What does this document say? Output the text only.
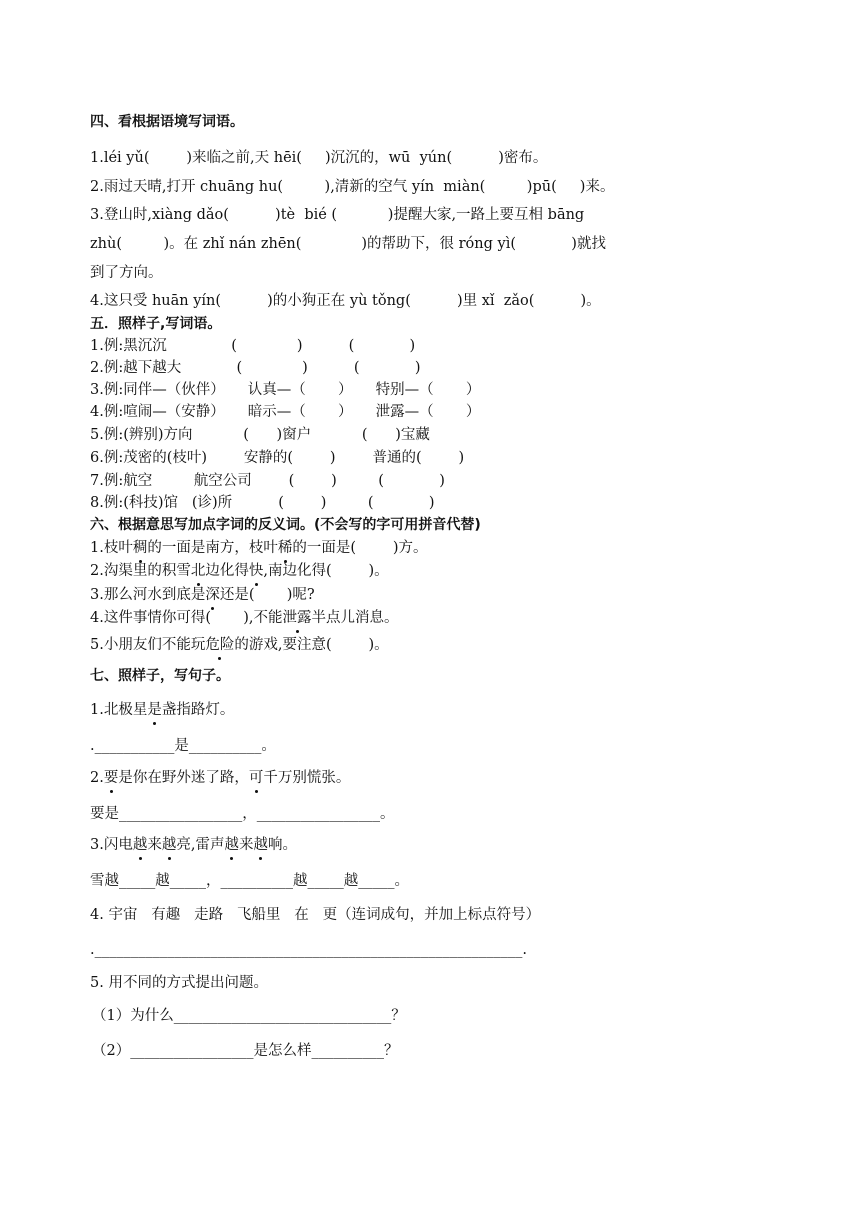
四、看根据语境写词语。
1.léi yǔ(        )来临之前,天 hēi(     )沉沉的，wū  yún(          )密布。
2.雨过天晴,打开 chuāng hu(         ),清新的空气 yín  miàn(         )pū(     )来。
3.登山时,xiàng dǎo(          )tè  bié (           )提醒大家,一路上要互相 bāng
zhù(         )。在 zhǐ nán zhēn(             )的帮助下，很 róng yì(            )就找
到了方向。
4.这只受 huān yín(          )的小狗正在 yù tǒng(          )里 xǐ  zǎo(          )。
五．照样子,写词语。
1.例:黑沉沉              (             )          (            )
2.例:越下越大            (             )          (            )
3.例:同伴—（伙伴）     认真—（       ）     特别—（       ）
4.例:喧闹—（安静）     暗示—（       ）     泄露—（       ）
5.例:(辨别)方向           (      )窗户           (      )宝藏
6.例:茂密的(枝叶)        安静的(        )        普通的(        )
7.例:航空         航空公司        (        )         (            )
8.例:(科技)馆   (诊)所          (        )         (            )
六、根据意思写加点字词的反义词。(不会写的字可用拼音代替)
1.枝叶稠的一面是南方，枝叶稀的一面是(        )方。
2.沟渠里的积雪北边化得快,南边化得(        )。
3.那么河水到底是深还是(       )呢?
4.这件事情你可得(       ),不能泄露半点儿消息。
5.小朋友们不能玩危险的游戏,要注意(        )。
七、照样子，写句子。
1.北极星是盏指路灯。
.___________是__________。
2.要是你在野外迷了路，可千万别慌张。
要是_________________，_________________。
3.闪电越来越亮,雷声越来越响。
雪越_____越_____，__________越_____越_____。
4. 宇宙   有趣   走路   飞船里   在   更（连词成句，并加上标点符号）
.___________________________________________________________.
5. 用不同的方式提出问题。
（1）为什么______________________________？
（2）_________________是怎么样__________？
